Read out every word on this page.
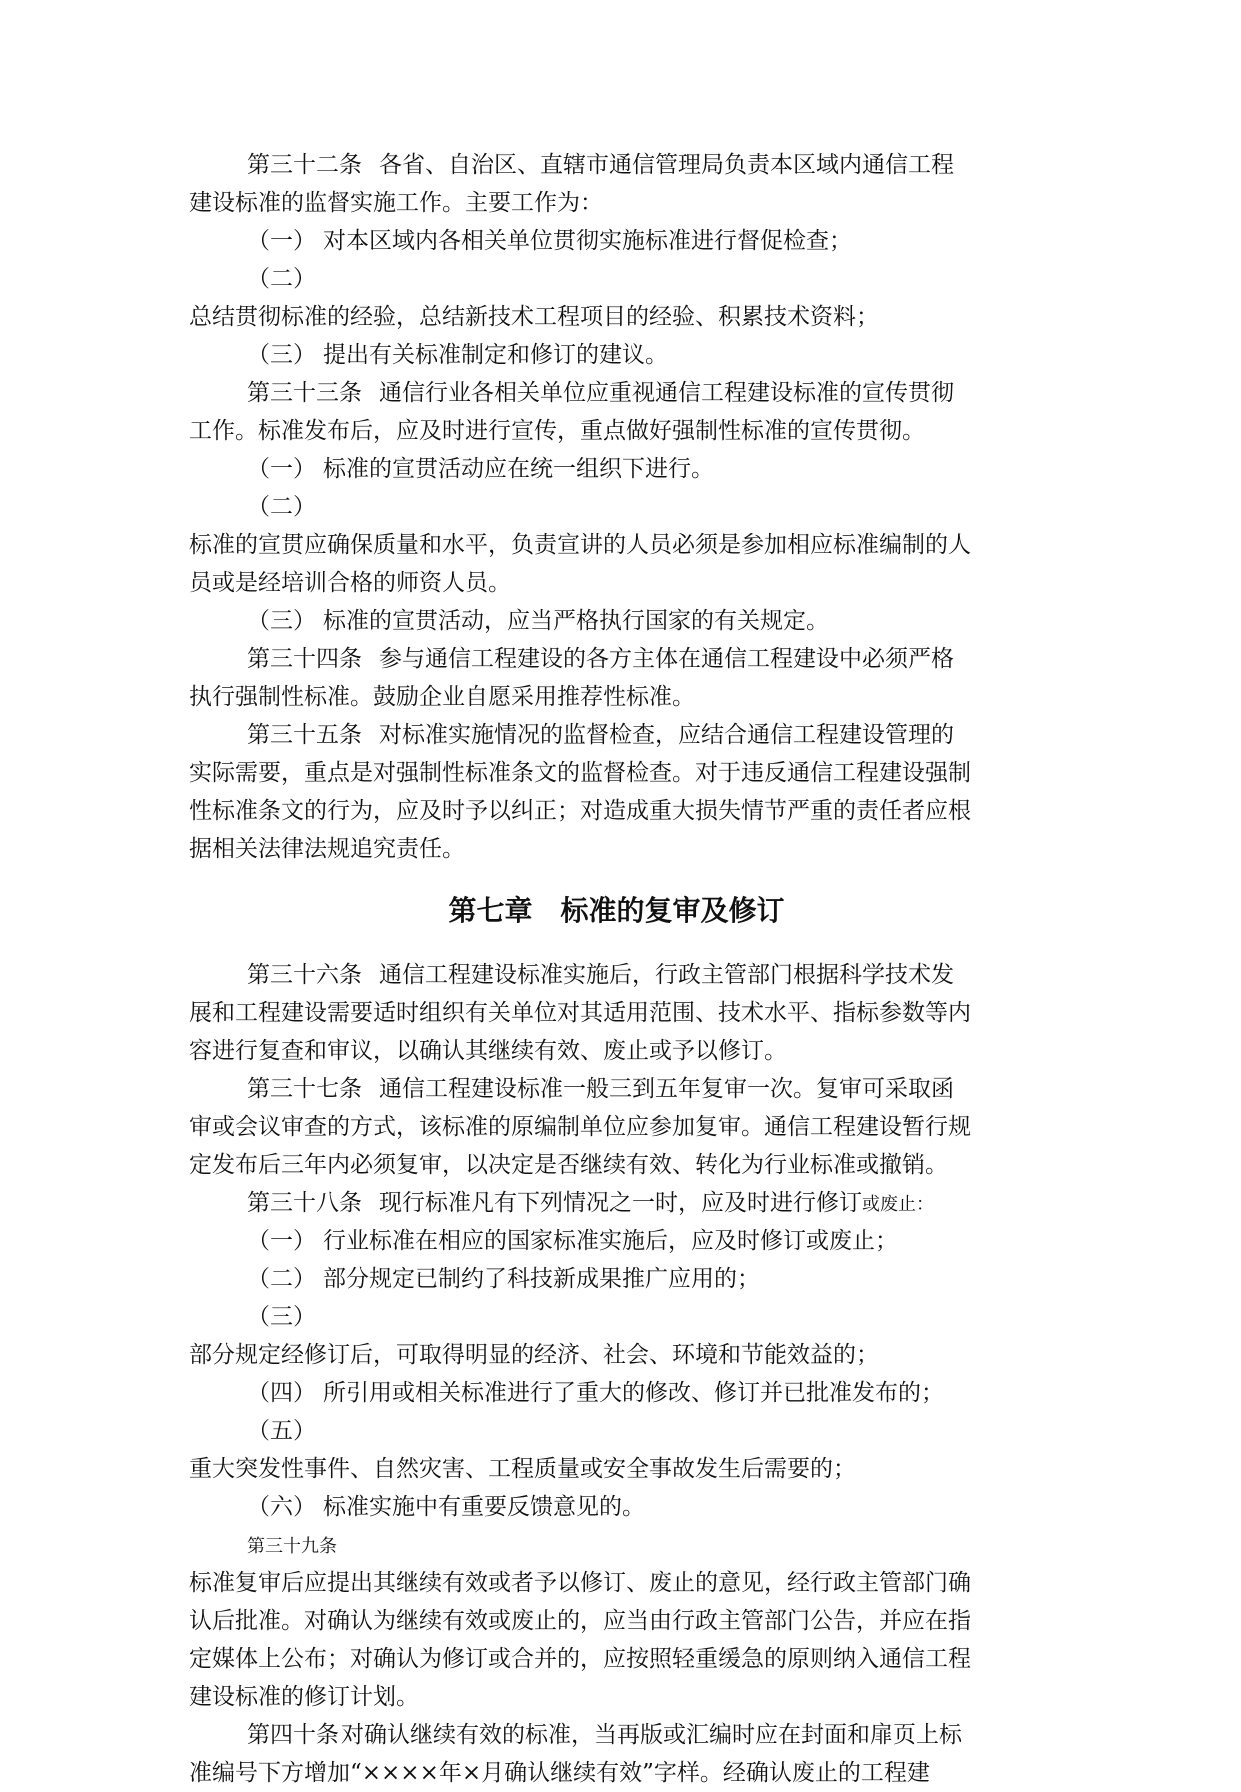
第三十二条 各省、自治区、直辖市通信管理局负责本区域内通信工程
建设标准的监督实施工作。主要工作为：
（一） 对本区域内各相关单位贯彻实施标准进行督促检查；
（二）
总结贯彻标准的经验，总结新技术工程项目的经验、积累技术资料；
（三） 提出有关标准制定和修订的建议。
第三十三条 通信行业各相关单位应重视通信工程建设标准的宣传贯彻
工作。标准发布后，应及时进行宣传，重点做好强制性标准的宣传贯彻。
（一） 标准的宣贯活动应在统一组织下进行。
（二）
标准的宣贯应确保质量和水平，负责宣讲的人员必须是参加相应标准编制的人
员或是经培训合格的师资人员。
（三） 标准的宣贯活动，应当严格执行国家的有关规定。
第三十四条 参与通信工程建设的各方主体在通信工程建设中必须严格
执行强制性标准。鼓励企业自愿采用推荐性标准。
第三十五条 对标准实施情况的监督检查，应结合通信工程建设管理的
实际需要，重点是对强制性标准条文的监督检查。对于违反通信工程建设强制
性标准条文的行为，应及时予以纠正；对造成重大损失情节严重的责任者应根
据相关法律法规追究责任。
第七章　标准的复审及修订
第三十六条 通信工程建设标准实施后，行政主管部门根据科学技术发
展和工程建设需要适时组织有关单位对其适用范围、技术水平、指标参数等内
容进行复查和审议，以确认其继续有效、废止或予以修订。
第三十七条 通信工程建设标准一般三到五年复审一次。复审可采取函
审或会议审查的方式，该标准的原编制单位应参加复审。通信工程建设暂行规
定发布后三年内必须复审，以决定是否继续有效、转化为行业标准或撤销。
第三十八条 现行标准凡有下列情况之一时，应及时进行修订或废止：
（一） 行业标准在相应的国家标准实施后，应及时修订或废止；
（二） 部分规定已制约了科技新成果推广应用的；
（三）
部分规定经修订后，可取得明显的经济、社会、环境和节能效益的；
（四） 所引用或相关标准进行了重大的修改、修订并已批准发布的；
（五）
重大突发性事件、自然灾害、工程质量或安全事故发生后需要的；
（六） 标准实施中有重要反馈意见的。
第三十九条
标准复审后应提出其继续有效或者予以修订、废止的意见，经行政主管部门确
认后批准。对确认为继续有效或废止的，应当由行政主管部门公告，并应在指
定媒体上公布；对确认为修订或合并的，应按照轻重缓急的原则纳入通信工程
建设标准的修订计划。
第四十条对确认继续有效的标准，当再版或汇编时应在封面和扉页上标
准编号下方增加“××××年×月确认继续有效”字样。经确认废止的工程建
